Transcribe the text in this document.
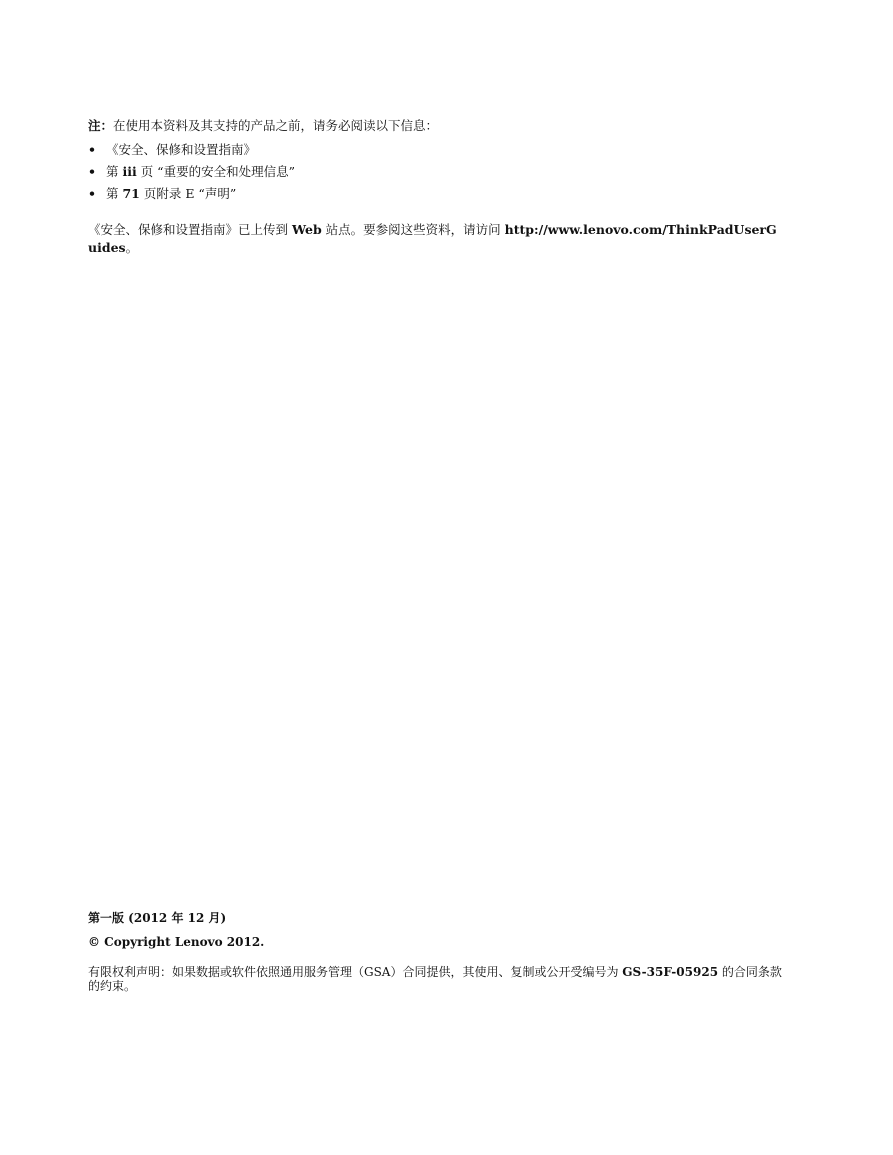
注：在使用本资料及其支持的产品之前，请务必阅读以下信息：

• 《安全、保修和设置指南》
• 第 iii 页 “重要的安全和处理信息”
• 第 71 页附录 E “声明”

《安全、保修和设置指南》已上传到 Web 站点。要参阅这些资料，请访问 http://www.lenovo.com/ThinkPadUserGuides。

第一版 (2012 年 12 月)

© Copyright Lenovo 2012.

有限权利声明：如果数据或软件依照通用服务管理（GSA）合同提供，其使用、复制或公开受编号为 GS-35F-05925 的合同条款的约束。
